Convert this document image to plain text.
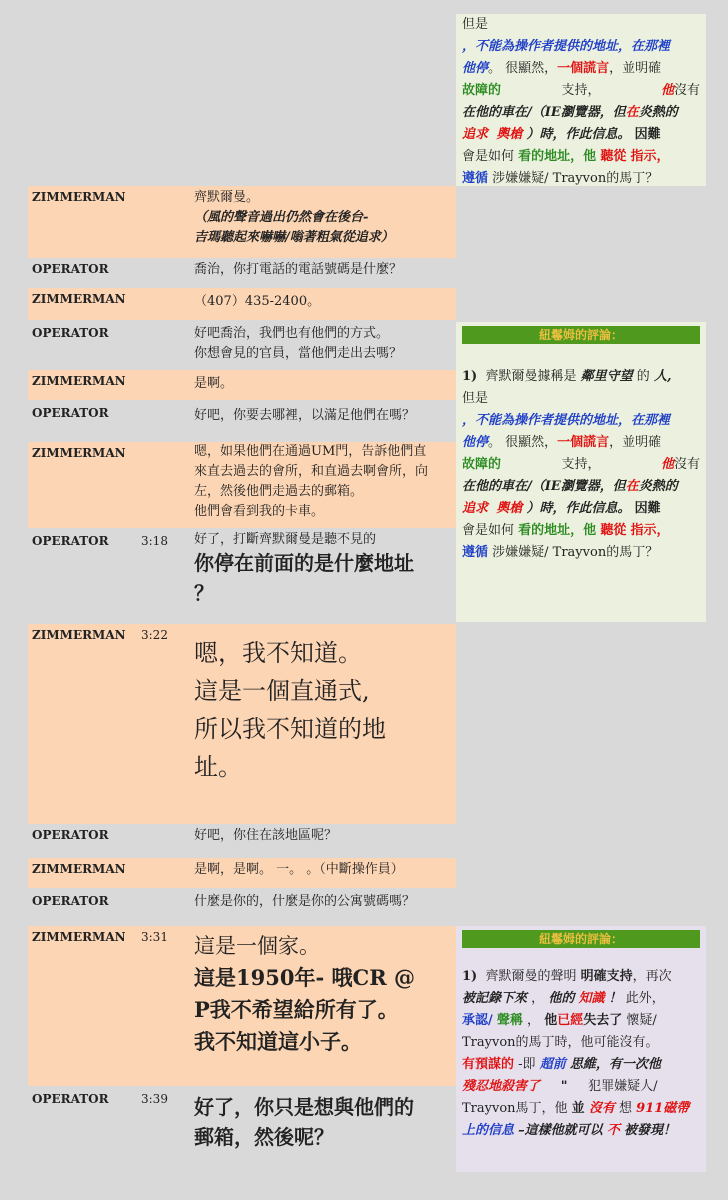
但是
，不能為操作者提供的地址，在那裡
他停。 很顯然，一個謊言，並明確
故障的	支持，	他沒有
在他的車在/（IE瀏覽器，但在炎熱的
追求 輿槍 ）時，作此信息。 因難
會是如何 看的地址，他 聽從 指示，
遵循 涉嫌嫌疑/ Trayvon的馬丁？
ZIMMERMAN	齊默爾曼。
（風的聲音過出仍然會在後台-
吉瑪聽起來嚇嚇/嗡著粗氣從追求）
OPERATOR	喬治，你打電話的電話號碼是什麼？
ZIMMERMAN	（407）435-2400。
OPERATOR	好吧喬治，我們也有他們的方式。
你想會見的官員，當他們走出去嗎？
ZIMMERMAN	是啊。
OPERATOR	好吧，你要去哪裡，以滿足他們在嗎？
ZIMMERMAN	嗯，如果他們在通過UM門，告訴他們直
來直去過去的會所，和直過去啊會所，向
左，然後他們走過去的郵箱。
他們會看到我的卡車。
OPERATOR	3:18 好了，打斷齊默爾曼是聽不見的
你停在前面的是什麼地址
？
ZIMMERMAN 3:22
嗯，我不知道。
這是一個直通式,
所以我不知道的地
址。
OPERATOR	好吧，你住在該地區呢？
ZIMMERMAN	是啊，是啊。 一。 。（中斷操作員）
OPERATOR	什麼是你的，什麼是你的公寓號碼嗎？
ZIMMERMAN 3:31 這是一個家。
這是1950年- 哦CR @
P我不希望給所有了。
我不知道這小子。
OPERATOR	3:39 好了，你只是想與他們的
郵箱，然後呢？
紐鬈姆的評論：
1) 齊默爾曼據稱是 鄰里守望 的 人,
但是
，不能為操作者提供的地址，在那裡
他停。 很顯然，一個謊言，並明確
故障的	支持，	他沒有
在他的車在/（IE瀏覽器，但在炎熱的
追求 輿槍 ）時，作此信息。 因難
會是如何 看的地址，他 聽從 指示，
遵循 涉嫌嫌疑/ Trayvon的馬丁？
紐鬈姆的評論：
1) 齊默爾曼的聲明 明確支持，再次
被記錄下來 ， 他的 知識 ！ 此外，
承認/ 聲稱 ， 他已經失去了 懷疑/
Trayvon的馬丁時，他可能沒有。
有預謀的 -即 超前 思維，有一次他
殘忍地殺害了 " 犯罪嫌疑人/
Trayvon馬丁，他 並 沒有 想 911磁帶
上的信息 –這樣他就可以 不 被發現！
